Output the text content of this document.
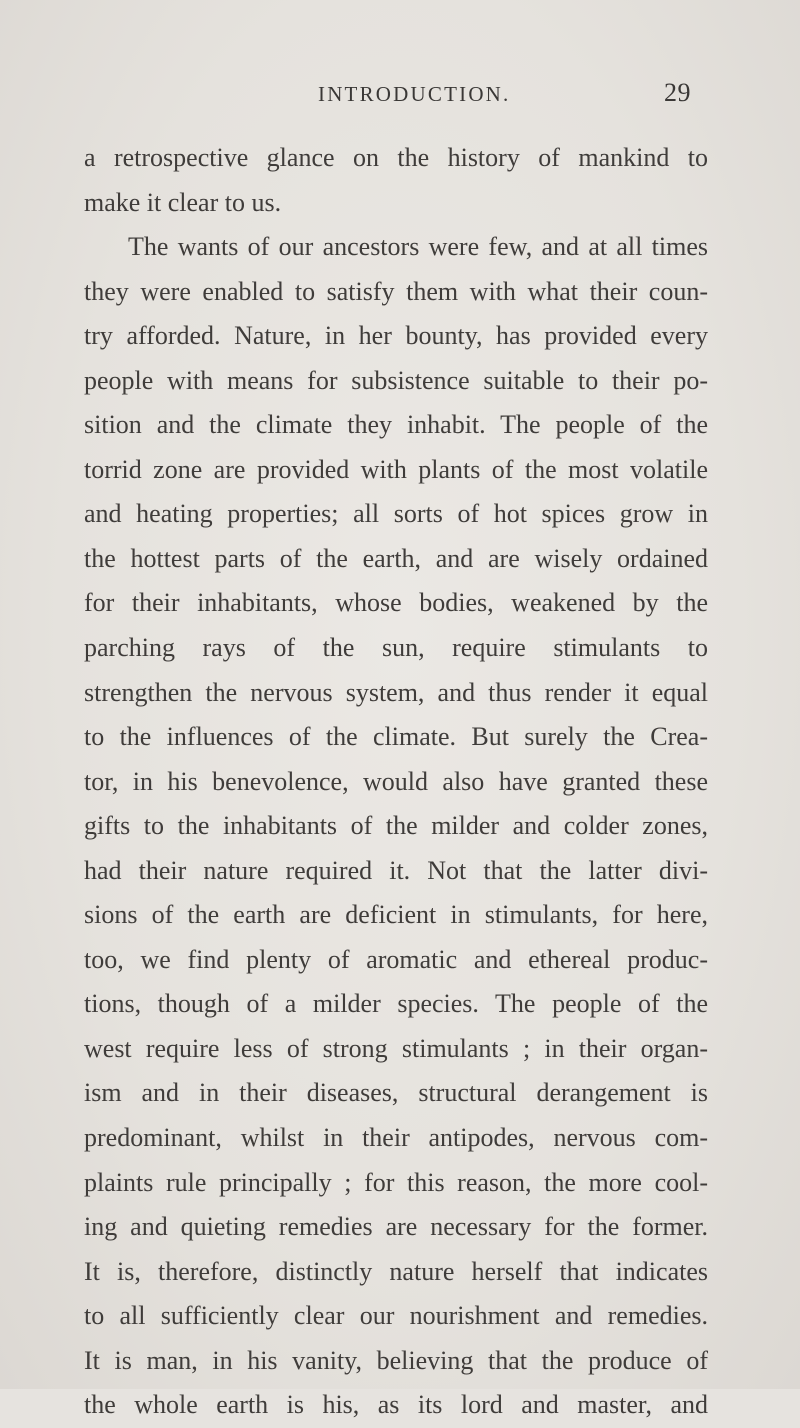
INTRODUCTION.	29
a retrospective glance on the history of mankind to
make it clear to us.
The wants of our ancestors were few, and at all times
they were enabled to satisfy them with what their coun-
try afforded. Nature, in her bounty, has provided every
people with means for subsistence suitable to their po-
sition and the climate they inhabit. The people of the
torrid zone are provided with plants of the most volatile
and heating properties; all sorts of hot spices grow in
the hottest parts of the earth, and are wisely ordained
for their inhabitants, whose bodies, weakened by the
parching rays of the sun, require stimulants to
strengthen the nervous system, and thus render it equal
to the influences of the climate. But surely the Crea-
tor, in his benevolence, would also have granted these
gifts to the inhabitants of the milder and colder zones,
had their nature required it. Not that the latter divi-
sions of the earth are deficient in stimulants, for here,
too, we find plenty of aromatic and ethereal produc-
tions, though of a milder species. The people of the
west require less of strong stimulants ; in their organ-
ism and in their diseases, structural derangement is
predominant, whilst in their antipodes, nervous com-
plaints rule principally ; for this reason, the more cool-
ing and quieting remedies are necessary for the former.
It is, therefore, distinctly nature herself that indicates
to all sufficiently clear our nourishment and remedies.
It is man, in his vanity, believing that the produce of
the whole earth is his, as its lord and master, and
